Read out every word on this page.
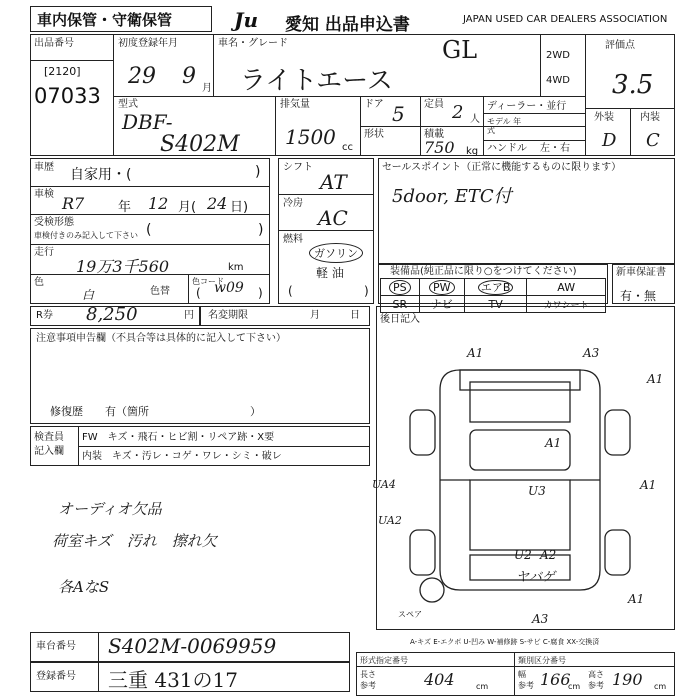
車内保管・守衛保管	Ju	愛知 出品申込書	JAPAN USED CAR DEALERS ASSOCIATION
出品番号
[2120]
07033
初度登録年月
29 9 月
車名・グレード
ライトエース
GL	2WD
4WD
評価点
3.5
外装	内装
D C
型式
DBF-
S402M
排気量
1500 cc
ドア 5 定員 2 人
形状	積載
750 kg
ディーラー・並行
モデル 年式
ハンドル 左・右
車歴 自家用・(	)
車検 R7	年 12 月( 24 日)
受検形態
車検付きのみ記入して下さい (	)
走行
19万3千560	km
色
白	色替
色コード
( w09 )
シフト
AT
冷房
AC
燃料
ガソリン
軽 油
(	)
セールスポイント（正常に機能するものに限ります）
5door, ETC付
装備品(純正品に限り○をつけてください)
PS	PW	エアB	AW
SR	ナビ	TV	カワシート
新車保証書
有・無
R券 8,250	円 名変期限	月	日
注意事項申告欄（不具合等は具体的に記入して下さい）
修復歴　　有（箇所	）
検査員
記入欄
FW　キズ・飛石・ヒビ割・リペア跡・X要
内装　キズ・汚レ・コゲ・ワレ・シミ・破レ
オーディオ欠品
荷室キズ　汚れ　擦れ欠
各AなS
後日記入
A1	A3
A1
A1
A1
UA4
UA2
U3
U2 A2
ヤバゲ
A3
A1
スペア
A-キズ E-エクボ U-凹み W-補修跡 S-サビ C-腐食 XX-交換済
車台番号 S402M-0069959
登録番号 三重 431の17
形式指定番号	類別区分番号
長さ
参考	404	cm
幅
参考 166
cm
高さ
参考 190 cm
